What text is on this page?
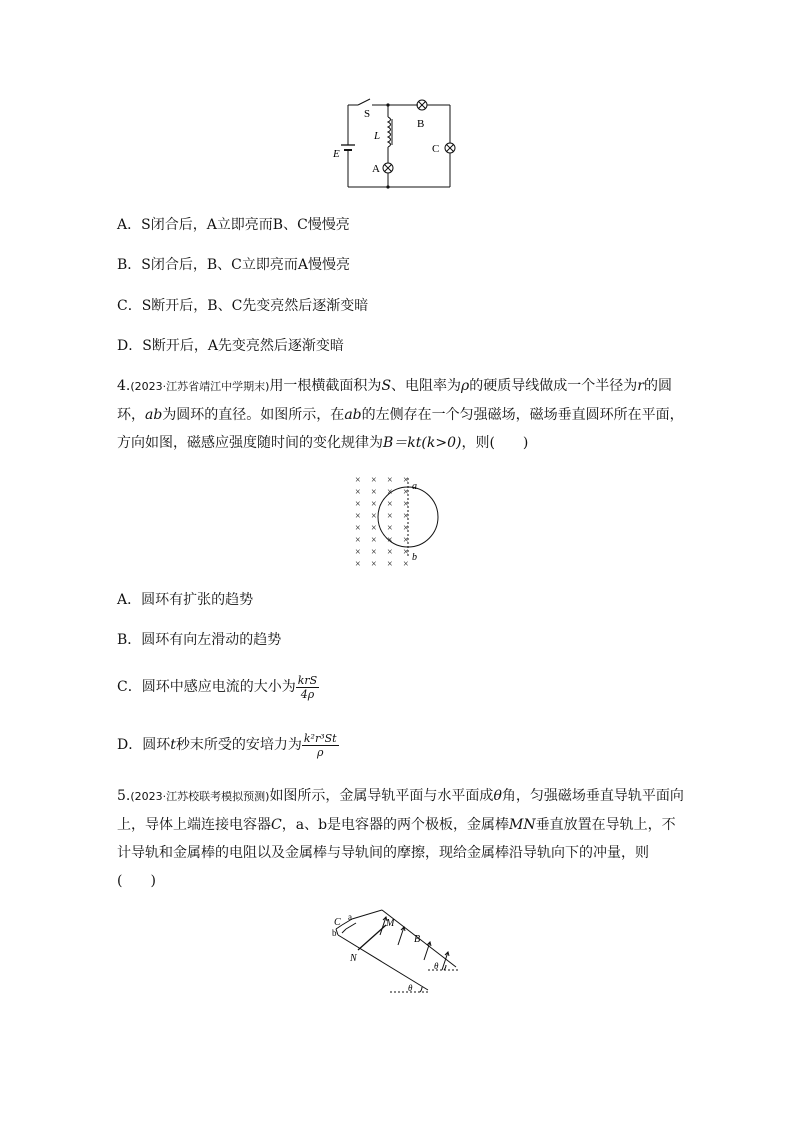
S
L
E
A
B
C
A．S闭合后，A立即亮而B、C慢慢亮
B．S闭合后，B、C立即亮而A慢慢亮
C．S断开后，B、C先变亮然后逐渐变暗
D．S断开后，A先变亮然后逐渐变暗
4.(2023·江苏省靖江中学期末)用一根横截面积为S、电阻率为ρ的硬质导线做成一个半径为r的圆环，ab为圆环的直径。如图所示，在ab的左侧存在一个匀强磁场，磁场垂直圆环所在平面，方向如图，磁感应强度随时间的变化规律为B＝kt(k>0)，则(　　)
× × × ×
× × × ×
× × × ×
× × × ×
× × × ×
× × × ×
× × × ×
× × × ×
a
b
A．圆环有扩张的趋势
B．圆环有向左滑动的趋势
C．圆环中感应电流的大小为 $\frac{\text{krS}}{4\rho}$
D．圆环t秒末所受的安培力为 $\frac{\text{k²r³St}}{\rho}$
5.(2023·江苏校联考模拟预测)如图所示，金属导轨平面与水平面成θ角，匀强磁场垂直导轨平面向上，导体上端连接电容器C，a、b是电容器的两个极板，金属棒MN垂直放置在导轨上，不计导轨和金属棒的电阻以及金属棒与导轨间的摩擦，现给金属棒沿导轨向下的冲量，则(　　)
C a
b
M
N
B
θ
θ
